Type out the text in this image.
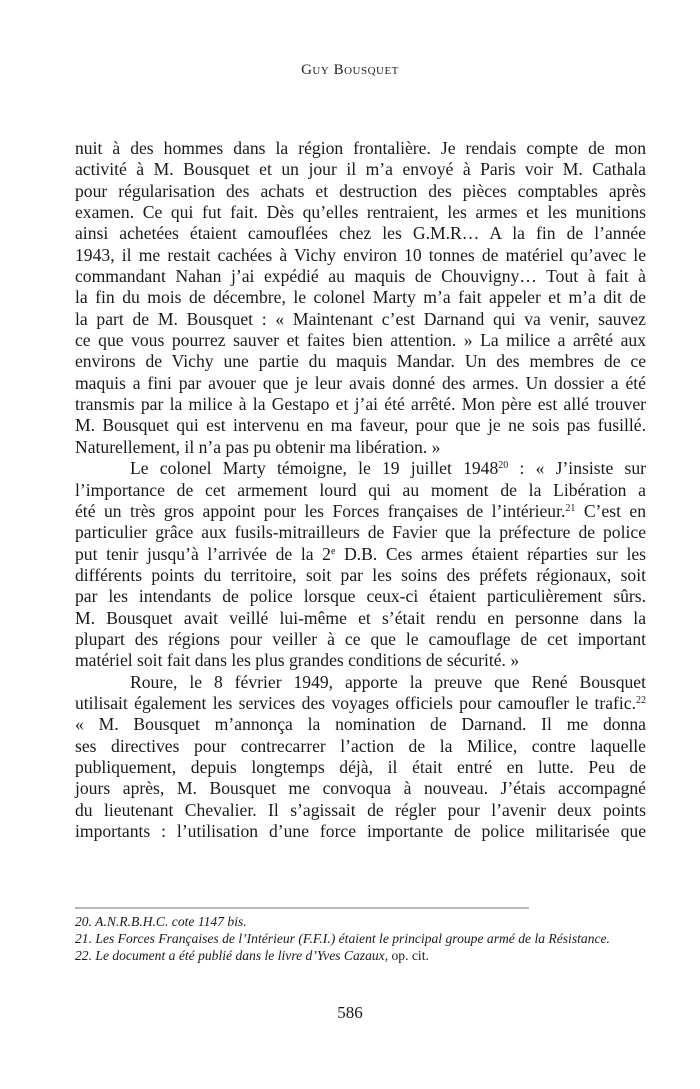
Guy Bousquet
nuit à des hommes dans la région frontalière. Je rendais compte de mon
activité à M. Bousquet et un jour il m’a envoyé à Paris voir M. Cathala
pour régularisation des achats et destruction des pièces comptables après
examen. Ce qui fut fait. Dès qu’elles rentraient, les armes et les munitions
ainsi achetées étaient camouflées chez les G.M.R… A la fin de l’année
1943, il me restait cachées à Vichy environ 10 tonnes de matériel qu’avec le
commandant Nahan j’ai expédié au maquis de Chouvigny… Tout à fait à
la fin du mois de décembre, le colonel Marty m’a fait appeler et m’a dit de
la part de M. Bousquet : « Maintenant c’est Darnand qui va venir, sauvez
ce que vous pourrez sauver et faites bien attention. » La milice a arrêté aux
environs de Vichy une partie du maquis Mandar. Un des membres de ce
maquis a fini par avouer que je leur avais donné des armes. Un dossier a été
transmis par la milice à la Gestapo et j’ai été arrêté. Mon père est allé trouver
M. Bousquet qui est intervenu en ma faveur, pour que je ne sois pas fusillé.
Naturellement, il n’a pas pu obtenir ma libération. »
Le colonel Marty témoigne, le 19 juillet 1948$^{20}$ : « J’insiste sur
l’importance de cet armement lourd qui au moment de la Libération a
été un très gros appoint pour les Forces françaises de l’intérieur.$^{21}$ C’est en
particulier grâce aux fusils-mitrailleurs de Favier que la préfecture de police
put tenir jusqu’à l’arrivée de la 2e D.B. Ces armes étaient réparties sur les
différents points du territoire, soit par les soins des préfets régionaux, soit
par les intendants de police lorsque ceux-ci étaient particulièrement sûrs.
M. Bousquet avait veillé lui-même et s’était rendu en personne dans la
plupart des régions pour veiller à ce que le camouflage de cet important
matériel soit fait dans les plus grandes conditions de sécurité. »
Roure, le 8 février 1949, apporte la preuve que René Bousquet
utilisait également les services des voyages officiels pour camoufler le trafic.$^{22}$
« M. Bousquet m’annonça la nomination de Darnand. Il me donna
ses directives pour contrecarrer l’action de la Milice, contre laquelle
publiquement, depuis longtemps déjà, il était entré en lutte. Peu de
jours après, M. Bousquet me convoqua à nouveau. J’étais accompagné
du lieutenant Chevalier. Il s’agissait de régler pour l’avenir deux points
importants : l’utilisation d’une force importante de police militarisée que
20. A.N.R.B.H.C. cote 1147 bis.
21. Les Forces Françaises de l’Intérieur (F.F.I.) étaient le principal groupe armé de la Résistance.
22. Le document a été publié dans le livre d’Yves Cazaux, op. cit.
586
